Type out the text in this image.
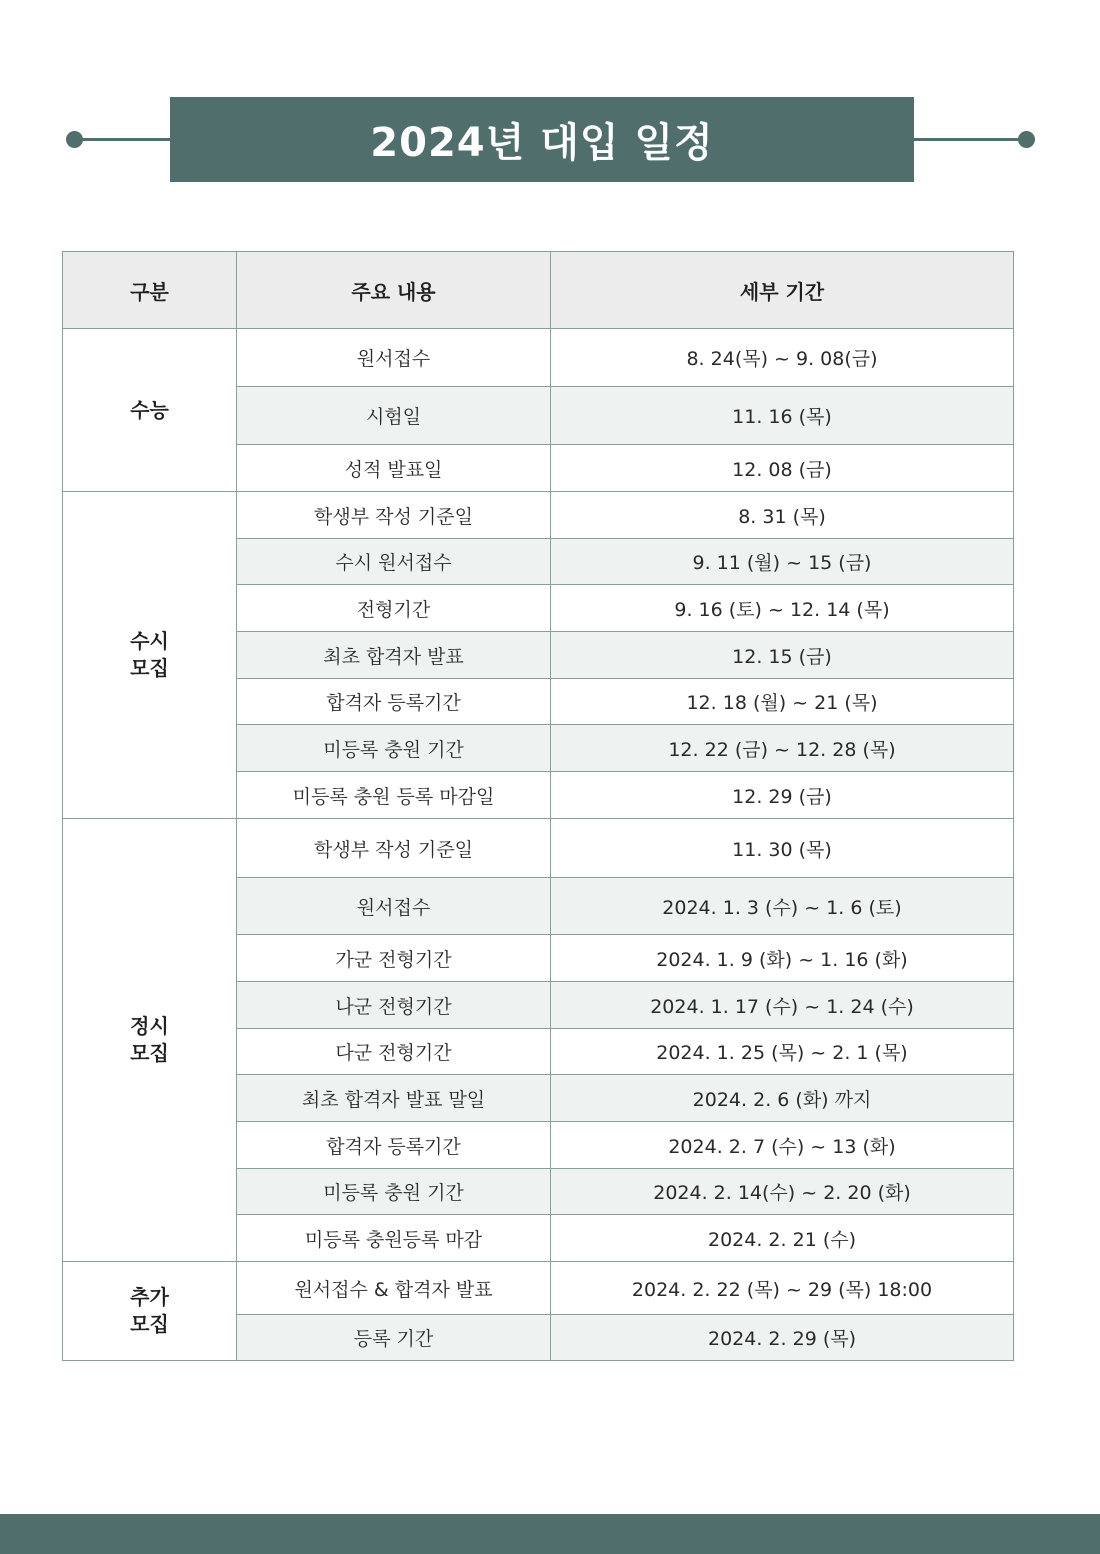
2024년 대입 일정
구분	주요 내용	세부 기간
수능	원서접수	8. 24(목) ~ 9. 08(금)
	시험일	11. 16 (목)
	성적 발표일	12. 08 (금)
수시
모집	학생부 작성 기준일	8. 31 (목)
	수시 원서접수	9. 11 (월) ~ 15 (금)
	전형기간	9. 16 (토) ~ 12. 14 (목)
	최초 합격자 발표	12. 15 (금)
	합격자 등록기간	12. 18 (월) ~ 21 (목)
	미등록 충원 기간	12. 22 (금) ~ 12. 28 (목)
	미등록 충원 등록 마감일	12. 29 (금)
정시
모집	학생부 작성 기준일	11. 30 (목)
	원서접수	2024. 1. 3 (수) ~ 1. 6 (토)
	가군 전형기간	2024. 1. 9 (화) ~ 1. 16 (화)
	나군 전형기간	2024. 1. 17 (수) ~ 1. 24 (수)
	다군 전형기간	2024. 1. 25 (목) ~ 2. 1 (목)
	최초 합격자 발표 말일	2024. 2. 6 (화) 까지
	합격자 등록기간	2024. 2. 7 (수) ~ 13 (화)
	미등록 충원 기간	2024. 2. 14(수) ~ 2. 20 (화)
	미등록 충원등록 마감	2024. 2. 21 (수)
추가
모집	원서접수 & 합격자 발표	2024. 2. 22 (목) ~ 29 (목) 18:00
	등록 기간	2024. 2. 29 (목)
